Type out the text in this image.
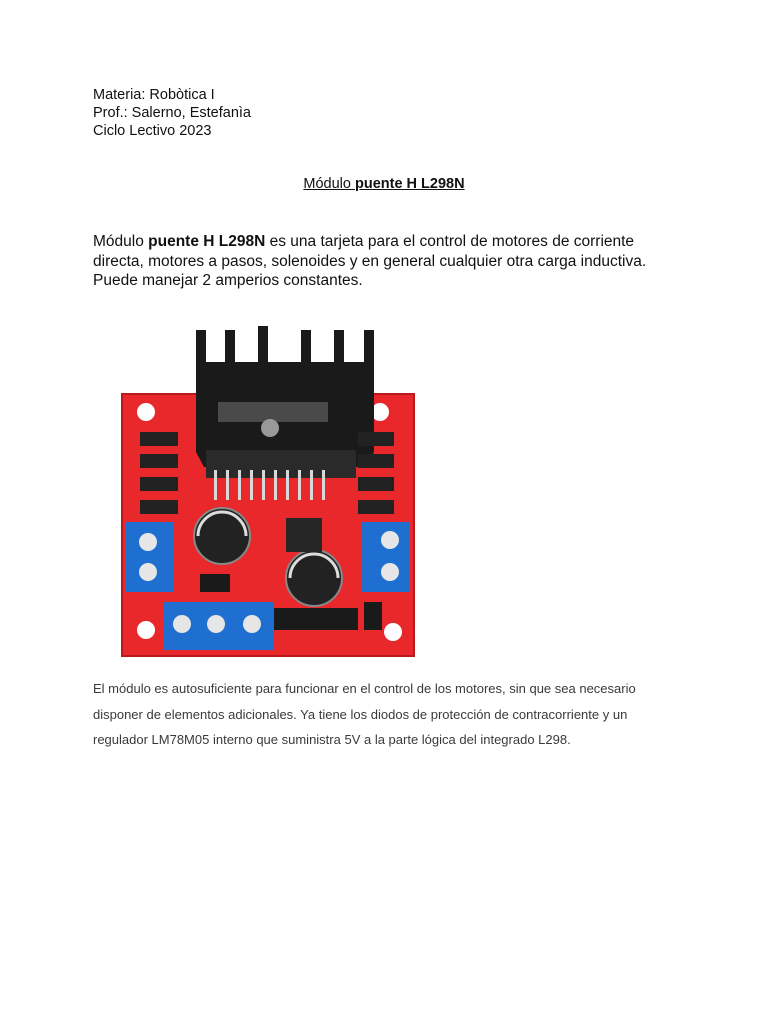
Materia: Robòtica I
Prof.: Salerno, Estefanìa
Ciclo Lectivo 2023
Módulo puente H L298N
Módulo puente H L298N es una tarjeta para el control de motores de corriente directa, motores a pasos, solenoides y en general cualquier otra carga inductiva. Puede manejar 2 amperios constantes.
El módulo es autosuficiente para funcionar en el control de los motores, sin que sea necesario disponer de elementos adicionales. Ya tiene los diodos de protección de contracorriente y un regulador LM78M05 interno que suministra 5V a la parte lógica del integrado L298.
